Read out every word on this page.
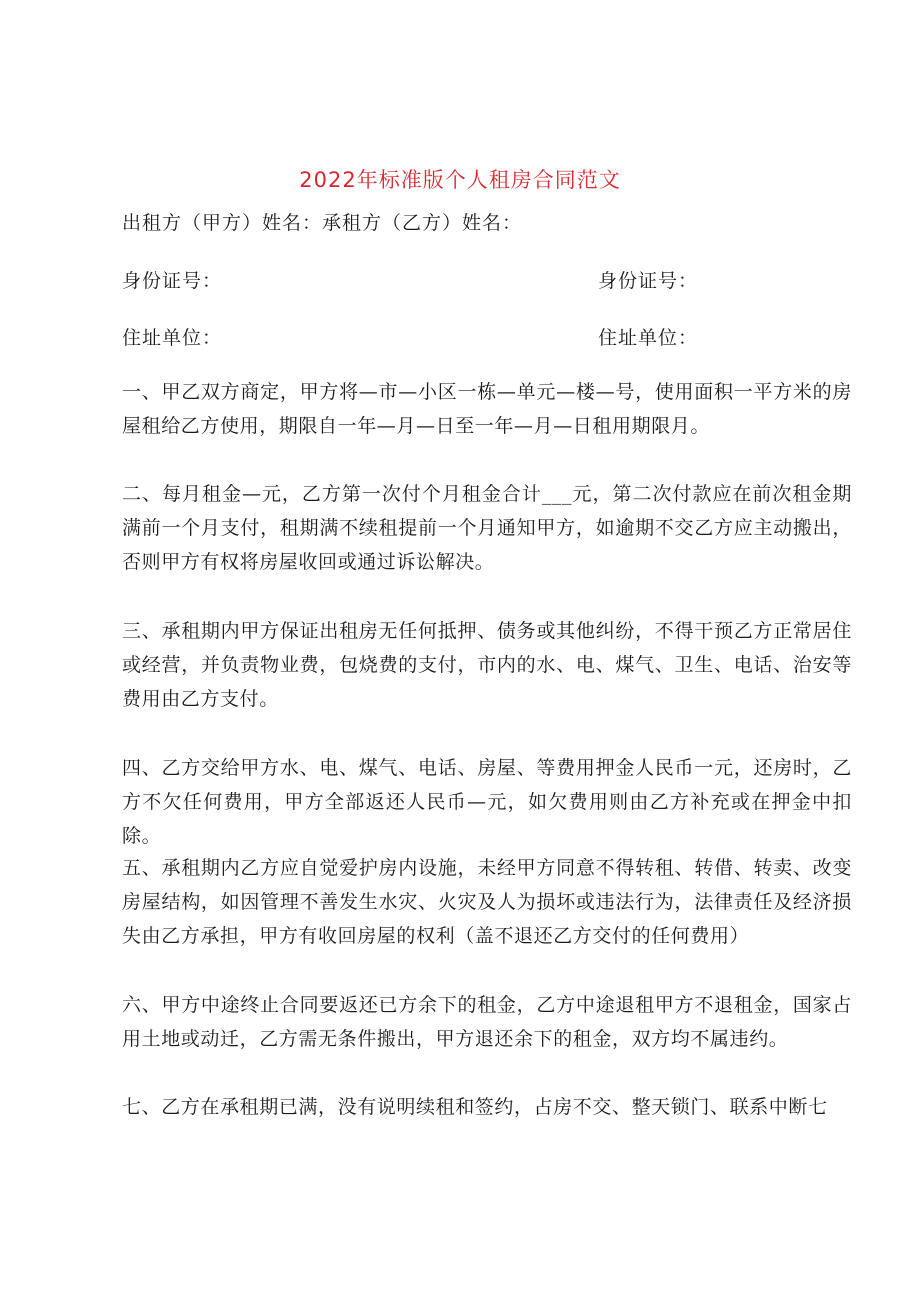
2022年标准版个人租房合同范文
出租方（甲方）姓名：承租方（乙方）姓名：
身份证号：	身份证号：
住址单位：	住址单位：

一、甲乙双方商定，甲方将—市—小区一栋—单元—楼—号，使用面积一平方米的房屋租给乙方使用，期限自一年—月—日至一年—月—日租用期限月。

二、每月租金—元，乙方第一次付个月租金合计___元，第二次付款应在前次租金期满前一个月支付，租期满不续租提前一个月通知甲方，如逾期不交乙方应主动搬出，否则甲方有权将房屋收回或通过诉讼解决。

三、承租期内甲方保证出租房无任何抵押、债务或其他纠纷，不得干预乙方正常居住或经营，并负责物业费，包烧费的支付，市内的水、电、煤气、卫生、电话、治安等费用由乙方支付。

四、乙方交给甲方水、电、煤气、电话、房屋、等费用押金人民币一元，还房时，乙方不欠任何费用，甲方全部返还人民币—元，如欠费用则由乙方补充或在押金中扣除。

五、承租期内乙方应自觉爱护房内设施，未经甲方同意不得转租、转借、转卖、改变房屋结构，如因管理不善发生水灾、火灾及人为损坏或违法行为，法律责任及经济损失由乙方承担，甲方有收回房屋的权利（盖不退还乙方交付的任何费用）

六、甲方中途终止合同要返还已方余下的租金，乙方中途退租甲方不退租金，国家占用土地或动迁，乙方需无条件搬出，甲方退还余下的租金，双方均不属违约。

七、乙方在承租期已满，没有说明续租和签约，占房不交、整天锁门、联系中断七
